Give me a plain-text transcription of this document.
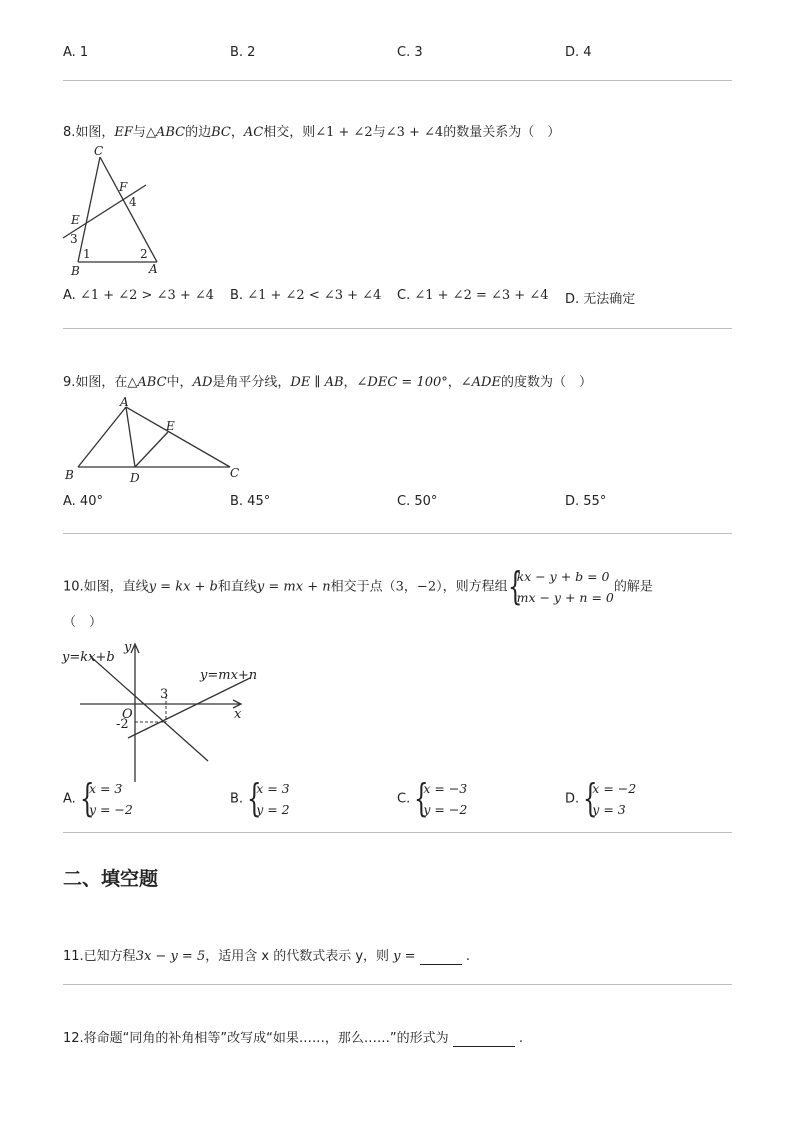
A. 1	B. 2	C. 3	D. 4
8.如图，EF与△ABC的边BC，AC相交，则∠1 + ∠2与∠3 + ∠4的数量关系为（　）
C
F
4
E
3
1	2
B	A
A. ∠1 + ∠2 > ∠3 + ∠4 B. ∠1 + ∠2 < ∠3 + ∠4 C. ∠1 + ∠2 = ∠3 + ∠4 D. 无法确定
9.如图，在△ABC中，AD是角平分线，DE ∥ AB，∠DEC = 100°，∠ADE的度数为（　）
A
E
B	D	C
A. 40°	B. 45°	C. 50°	D. 55°
10.如图，直线y = kx + b和直线y = mx + n相交于点（3，−2），则方程组 {
kx − y + b = 0
mx − y + n = 0的解是
（　）
y=kx+b
y=mx+n
y
x
O
3
-2
A. {
x = 3
y = −2
B. {
x = 3
y = 2
C. {
x = −3
y = −2
D. {
x = −2
y = 3
二、填空题
11.已知方程3x − y = 5，适用含 x 的代数式表示 y，则 y =	.
12.将命题“同角的补角相等”改写成“如果……，那么……”的形式为	.
